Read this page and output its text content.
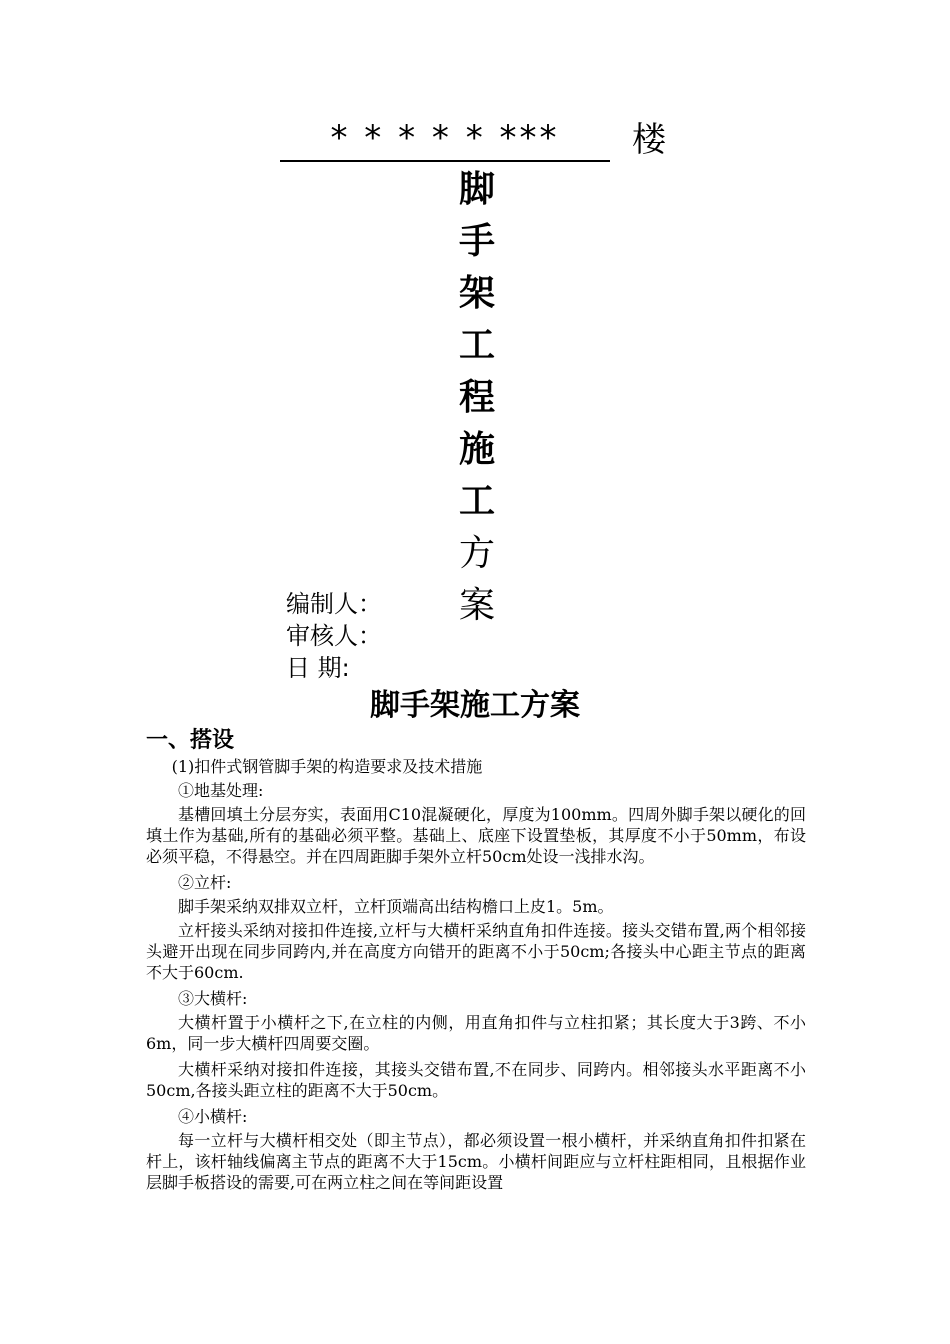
* * * * * ***	楼
脚
手
架
工
程
施
工
方
案
编制人：
审核人：
日 期:
脚手架施工方案
一、搭设

(1)扣件式钢管脚手架的构造要求及技术措施

①地基处理:

基槽回填土分层夯实，表面用C10混凝硬化，厚度为100mm。四周外脚手架以硬化的回填土作为基础,所有的基础必须平整。基础上、底座下设置垫板，其厚度不小于50mm，布设必须平稳，不得悬空。并在四周距脚手架外立杆50cm处设一浅排水沟。

②立杆:

脚手架采纳双排双立杆，立杆顶端高出结构檐口上皮1。5m。

立杆接头采纳对接扣件连接,立杆与大横杆采纳直角扣件连接。接头交错布置,两个相邻接头避开出现在同步同跨内,并在高度方向错开的距离不小于50cm;各接头中心距主节点的距离不大于60cm.

③大横杆:

大横杆置于小横杆之下,在立柱的内侧，用直角扣件与立柱扣紧；其长度大于3跨、不小6m，同一步大横杆四周要交圈。

大横杆采纳对接扣件连接，其接头交错布置,不在同步、同跨内。相邻接头水平距离不小50cm,各接头距立柱的距离不大于50cm。

④小横杆:

每一立杆与大横杆相交处（即主节点），都必须设置一根小横杆，并采纳直角扣件扣紧在杆上，该杆轴线偏离主节点的距离不大于15cm。小横杆间距应与立杆柱距相同，且根据作业层脚手板搭设的需要,可在两立柱之间在等间距设置
